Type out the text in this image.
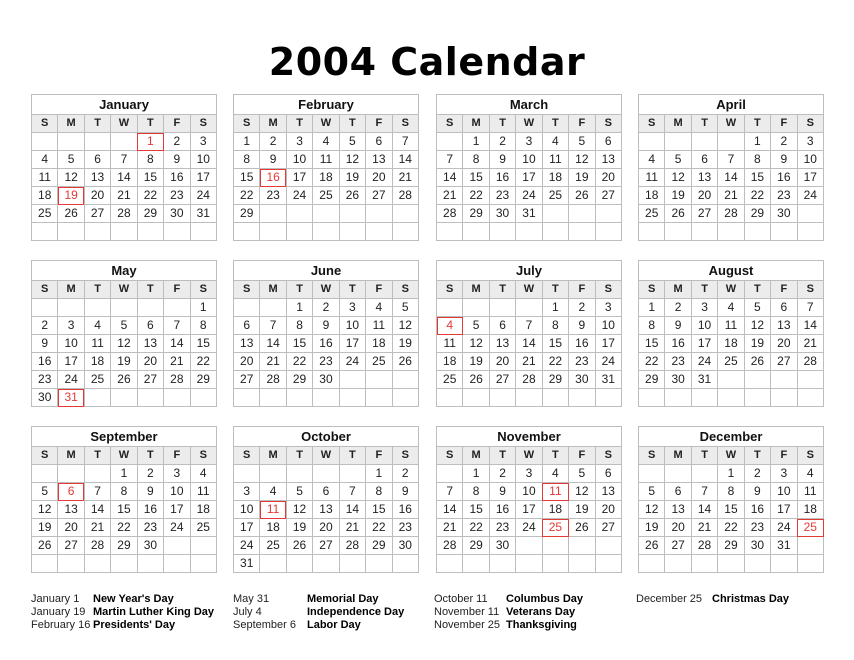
2004 Calendar
January						
S	M	T	W	T	F	S
				1	2	3
4	5	6	7	8	9	10
11	12	13	14	15	16	17
18	19	20	21	22	23	24
25	26	27	28	29	30	31

February						
S	M	T	W	T	F	S
1	2	3	4	5	6	7
8	9	10	11	12	13	14
15	16	17	18	19	20	21
22	23	24	25	26	27	28
29						

March						
S	M	T	W	T	F	S
	1	2	3	4	5	6
7	8	9	10	11	12	13
14	15	16	17	18	19	20
21	22	23	24	25	26	27
28	29	30	31			

April						
S	M	T	W	T	F	S
				1	2	3
4	5	6	7	8	9	10
11	12	13	14	15	16	17
18	19	20	21	22	23	24
25	26	27	28	29	30	

May						
S	M	T	W	T	F	S
						1
2	3	4	5	6	7	8
9	10	11	12	13	14	15
16	17	18	19	20	21	22
23	24	25	26	27	28	29
30	31					
June						
S	M	T	W	T	F	S
		1	2	3	4	5
6	7	8	9	10	11	12
13	14	15	16	17	18	19
20	21	22	23	24	25	26
27	28	29	30			

July						
S	M	T	W	T	F	S
				1	2	3
4	5	6	7	8	9	10
11	12	13	14	15	16	17
18	19	20	21	22	23	24
25	26	27	28	29	30	31

August						
S	M	T	W	T	F	S
1	2	3	4	5	6	7
8	9	10	11	12	13	14
15	16	17	18	19	20	21
22	23	24	25	26	27	28
29	30	31				

September						
S	M	T	W	T	F	S
			1	2	3	4
5	6	7	8	9	10	11
12	13	14	15	16	17	18
19	20	21	22	23	24	25
26	27	28	29	30		

October						
S	M	T	W	T	F	S
					1	2
3	4	5	6	7	8	9
10	11	12	13	14	15	16
17	18	19	20	21	22	23
24	25	26	27	28	29	30
31						
November						
S	M	T	W	T	F	S
	1	2	3	4	5	6
7	8	9	10	11	12	13
14	15	16	17	18	19	20
21	22	23	24	25	26	27
28	29	30				

December						
S	M	T	W	T	F	S
			1	2	3	4
5	6	7	8	9	10	11
12	13	14	15	16	17	18
19	20	21	22	23	24	25
26	27	28	29	30	31	

January 1 New Year's Day
January 19 Martin Luther King Day
February 16 Presidents' Day
May 31	Memorial Day
July 4	Independence Day
September 6 Labor Day
October 11 Columbus Day
November 11 Veterans Day
November 25 Thanksgiving
December 25 Christmas Day
